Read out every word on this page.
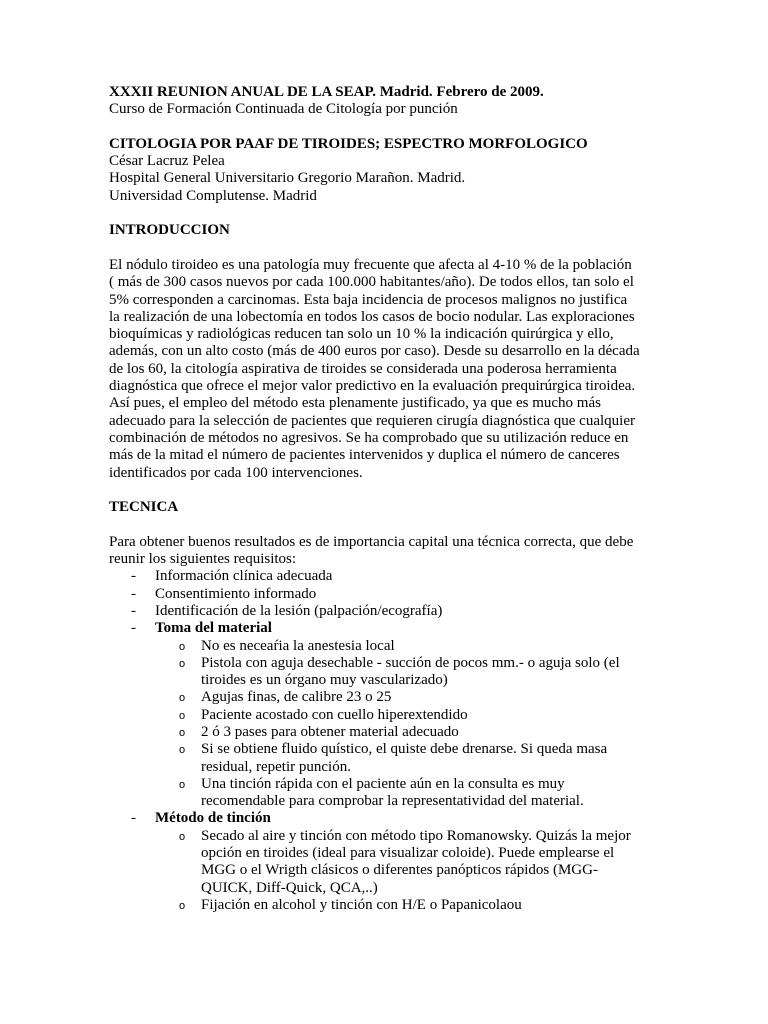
XXXII REUNION ANUAL DE LA SEAP. Madrid. Febrero de 2009.

Curso de Formación Continuada de Citología por punción

CITOLOGIA POR PAAF DE TIROIDES; ESPECTRO MORFOLOGICO

César Lacruz Pelea

Hospital General Universitario Gregorio Marañon. Madrid.

Universidad Complutense. Madrid

INTRODUCCION

El nódulo tiroideo es una patología muy frecuente que afecta al 4-10 % de la población

( más de 300 casos nuevos por cada 100.000 habitantes/año). De todos ellos, tan solo el

5% corresponden a carcinomas. Esta baja incidencia de procesos malignos no justifica

la realización de una lobectomía en todos los casos de bocio nodular. Las exploraciones

bioquímicas y radiológicas reducen tan solo un 10 % la indicación quirúrgica y ello,

además, con un alto costo (más de 400 euros por caso). Desde su desarrollo en la década

de los 60, la citología aspirativa de tiroides se considerada una poderosa herramienta

diagnóstica que ofrece el mejor valor predictivo en la evaluación prequirúrgica tiroidea.

Así pues, el empleo del método esta plenamente justificado, ya que es mucho más

adecuado para la selección de pacientes que requieren cirugía diagnóstica que cualquier

combinación de métodos no agresivos. Se ha comprobado que su utilización reduce en

más de la mitad el número de pacientes intervenidos y duplica el número de canceres

identificados por cada 100 intervenciones.

TECNICA

Para obtener buenos resultados es de importancia capital una técnica correcta, que debe

reunir los siguientes requisitos:

- Información clínica adecuada
- Consentimiento informado
- Identificación de la lesión (palpación/ecografía)
- Toma del material
o No es neceaŕia la anestesia local

o Pistola con aguja desechable - succión de pocos mm.- o aguja solo (el

tiroides es un órgano muy vascularizado)

o Agujas finas, de calibre 23 o 25

o Paciente acostado con cuello hiperextendido

o 2 ó 3 pases para obtener material adecuado

o Si se obtiene fluido quístico, el quiste debe drenarse. Si queda masa

residual, repetir punción.

o Una tinción rápida con el paciente aún en la consulta es muy

recomendable para comprobar la representatividad del material.

- Método de tinción
o Secado al aire y tinción con método tipo Romanowsky. Quizás la mejor

opción en tiroides (ideal para visualizar coloide). Puede emplearse el

MGG o el Wrigth clásicos o diferentes panópticos rápidos (MGG-

QUICK, Diff-Quick, QCA,..)

o Fijación en alcohol y tinción con H/E o Papanicolaou
